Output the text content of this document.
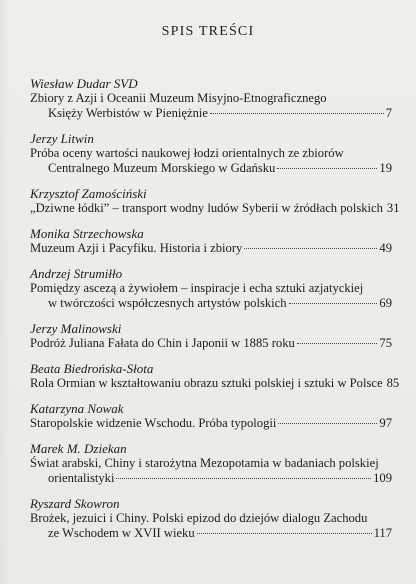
SPIS TREŚCI
Wiesław Dudar SVD
Zbiory z Azji i Oceanii Muzeum Misyjno-Etnograficznego
Księży Werbistów w Pieniężnie	7
Jerzy Litwin
Próba oceny wartości naukowej łodzi orientalnych ze zbiorów
Centralnego Muzeum Morskiego w Gdańsku	19
Krzysztof Zamościński
„Dziwne łódki” – transport wodny ludów Syberii w źródłach polskich 31
Monika Strzechowska
Muzeum Azji i Pacyfiku. Historia i zbiory	49
Andrzej Strumiłło
Pomiędzy ascezą a żywiołem – inspiracje i echa sztuki azjatyckiej
w twórczości współczesnych artystów polskich	69
Jerzy Malinowski
Podróż Juliana Fałata do Chin i Japonii w 1885 roku	75
Beata Biedrońska-Słota
Rola Ormian w kształtowaniu obrazu sztuki polskiej i sztuki w Polsce 85
Katarzyna Nowak
Staropolskie widzenie Wschodu. Próba typologii	97
Marek M. Dziekan
Świat arabski, Chiny i starożytna Mezopotamia w badaniach polskiej
orientalistyki	109
Ryszard Skowron
Brożek, jezuici i Chiny. Polski epizod do dziejów dialogu Zachodu
ze Wschodem w XVII wieku	117
